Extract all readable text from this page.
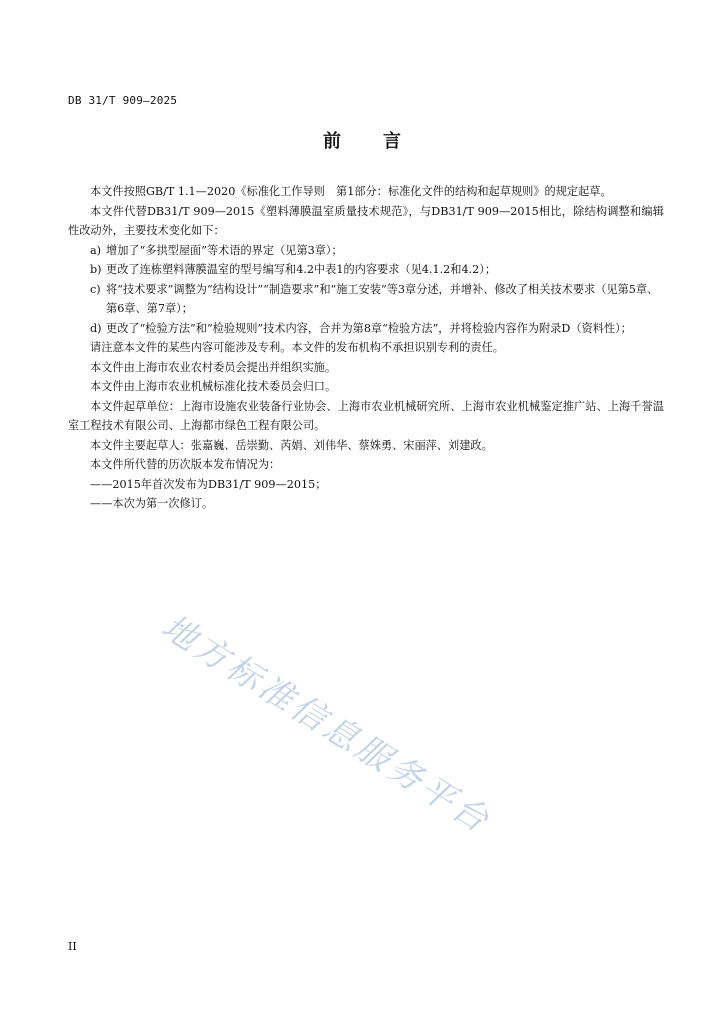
DB 31/T 909—2025
前 言
本文件按照GB/T 1.1—2020《标准化工作导则　第1部分：标准化文件的结构和起草规则》的规定起草。
本文件代替DB31/T 909—2015《塑料薄膜温室质量技术规范》，与DB31/T 909—2015相比，除结构调整和编辑性改动外，主要技术变化如下：
a) 增加了“多拱型屋面”等术语的界定（见第3章）；
b) 更改了连栋塑料薄膜温室的型号编写和4.2中表1的内容要求（见4.1.2和4.2）；
c) 将“技术要求”调整为“结构设计”“制造要求”和“施工安装”等3章分述，并增补、修改了相关技术要求（见第5章、第6章、第7章）；
d) 更改了“检验方法”和“检验规则”技术内容，合并为第8章“检验方法”，并将检验内容作为附录D（资料性）；
请注意本文件的某些内容可能涉及专利。本文件的发布机构不承担识别专利的责任。
本文件由上海市农业农村委员会提出并组织实施。
本文件由上海市农业机械标准化技术委员会归口。
本文件起草单位：上海市设施农业装备行业协会、上海市农业机械研究所、上海市农业机械鉴定推广站、上海千誉温室工程技术有限公司、上海都市绿色工程有限公司。
本文件主要起草人：张嘉巍、岳崇勤、芮娟、刘伟华、蔡姝勇、宋丽萍、刘建政。
本文件所代替的历次版本发布情况为：
——2015年首次发布为DB31/T 909—2015；
——本次为第一次修订。
地方标准信息服务平台
II
